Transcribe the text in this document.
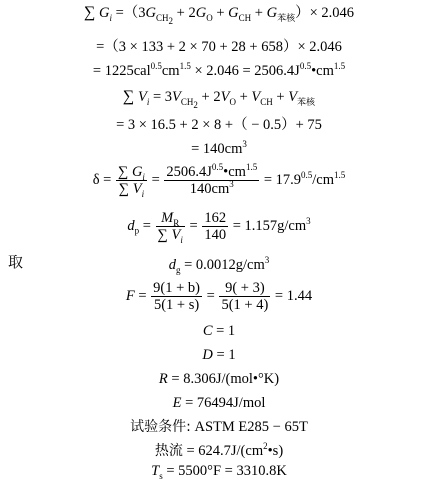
取
∑ $G_i =(3G_{CH_2} + 2G_O + G_{CH} + G_{苯核})\times 2.046$
=（3 × 133 + 2 × 70 + 28 + 658）× 2.046
= $1225cal^{0.5}cm^{1.5} \times 2.046$ = $2506.4J^{0.5}•cm^{1.5}$
∑ $V_i = 3V_{CH_2} + 2V_O + V_{CH} + V_{苯核}$
= 3 × 16.5 + 2 × 8 +（ − 0.5）+ 75
= $140cm^3$
$\delta = \frac{\sum G_i}{\sum V_i} = \frac{2506.4J^{0.5}•cm^{1.5}}{140cm^3} = 17.9^{0.5}/cm^{1.5}$
$d_p = \frac{M_R}{\sum V_i} = \frac{162}{140} = 1.157g/cm^3$
$d_g = 0.0012g/cm^3$
$F = \frac{9(1 + b)}{5(1 + s)} = \frac{9( + 3)}{5(1 + 4)} = 1.44$
C = 1
D = 1
R = 8.306J/(mol•°K)
E = 76494J/mol
试验条件: ASTM E285 − 65T
热流 = $624.7J/(cm^2•s)$
$T_s = 5500^\circ F = 3310.8K$
